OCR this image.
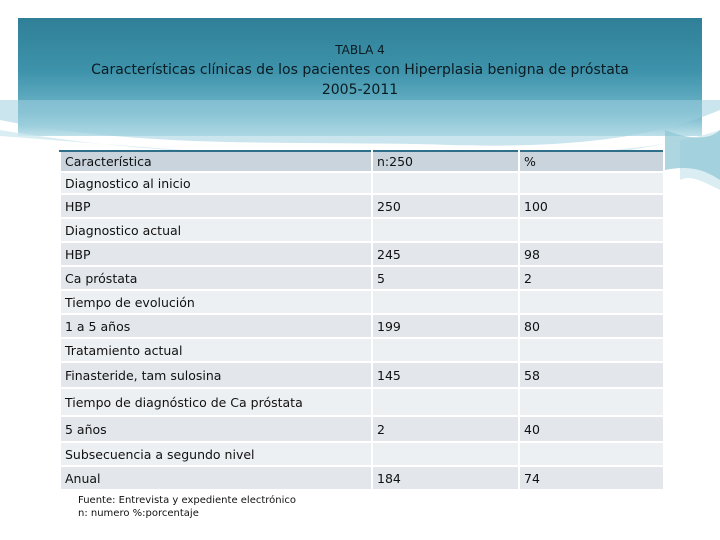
TABLA 4
Características clínicas de los pacientes con Hiperplasia benigna de próstata
2005-2011
Característica	n:250	%
Diagnostico al inicio		
HBP	250	100
Diagnostico actual		
HBP	245	98
Ca próstata	5	2
Tiempo de evolución		
1 a 5 años	199	80
Tratamiento actual		
Finasteride, tam sulosina	145	58
Tiempo de diagnóstico de Ca próstata		
5 años	2	40
Subsecuencia a segundo nivel		
Anual	184	74
Fuente: Entrevista y expediente electrónico
n: numero %:porcentaje
